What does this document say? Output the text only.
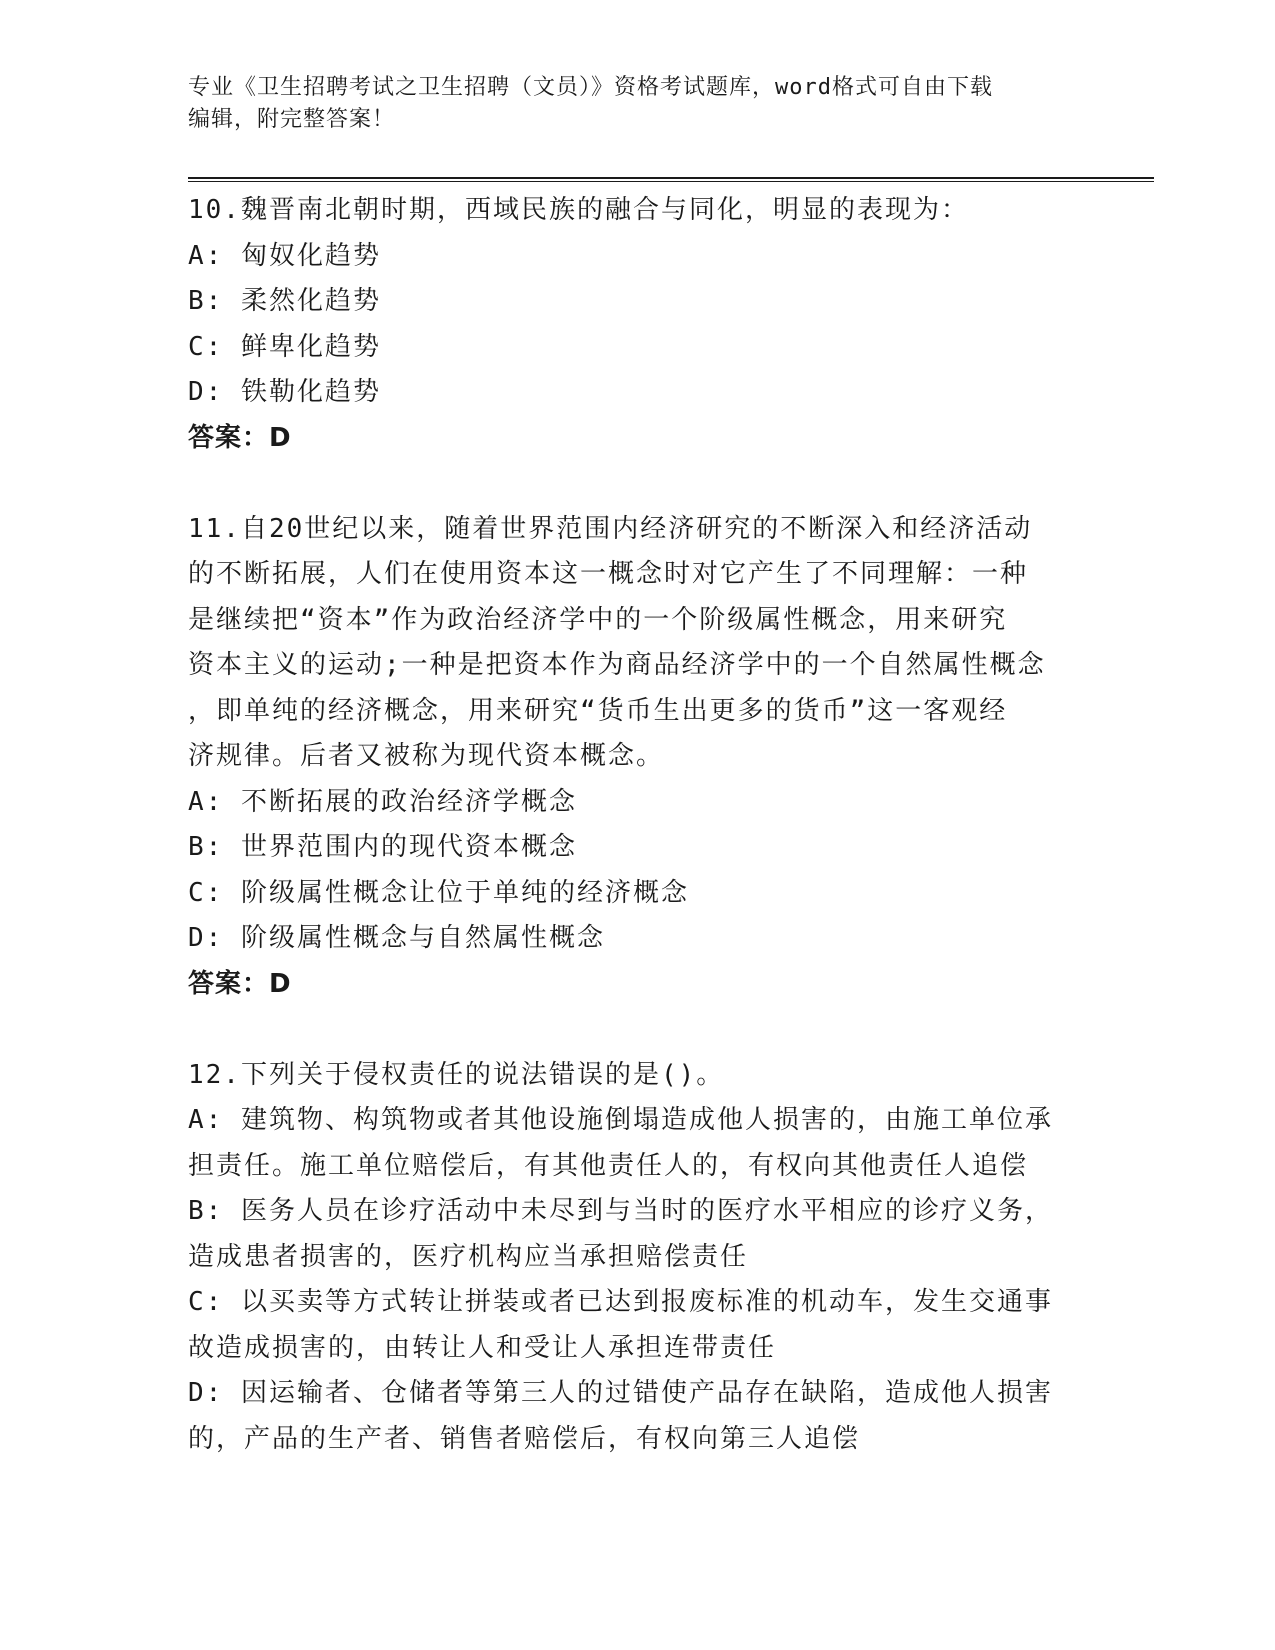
专业《卫生招聘考试之卫生招聘（文员）》资格考试题库，word格式可自由下载
编辑，附完整答案！
10.魏晋南北朝时期，西域民族的融合与同化，明显的表现为：
A: 匈奴化趋势
B: 柔然化趋势
C: 鲜卑化趋势
D: 铁勒化趋势
答案：D
11.自20世纪以来，随着世界范围内经济研究的不断深入和经济活动
的不断拓展，人们在使用资本这一概念时对它产生了不同理解：一种
是继续把“资本”作为政治经济学中的一个阶级属性概念，用来研究
资本主义的运动;一种是把资本作为商品经济学中的一个自然属性概念
，即单纯的经济概念，用来研究“货币生出更多的货币”这一客观经
济规律。后者又被称为现代资本概念。
A: 不断拓展的政治经济学概念
B: 世界范围内的现代资本概念
C: 阶级属性概念让位于单纯的经济概念
D: 阶级属性概念与自然属性概念
答案：D
12.下列关于侵权责任的说法错误的是()。
A: 建筑物、构筑物或者其他设施倒塌造成他人损害的，由施工单位承
担责任。施工单位赔偿后，有其他责任人的，有权向其他责任人追偿
B: 医务人员在诊疗活动中未尽到与当时的医疗水平相应的诊疗义务，
造成患者损害的，医疗机构应当承担赔偿责任
C: 以买卖等方式转让拼装或者已达到报废标准的机动车，发生交通事
故造成损害的，由转让人和受让人承担连带责任
D: 因运输者、仓储者等第三人的过错使产品存在缺陷，造成他人损害
的，产品的生产者、销售者赔偿后，有权向第三人追偿
